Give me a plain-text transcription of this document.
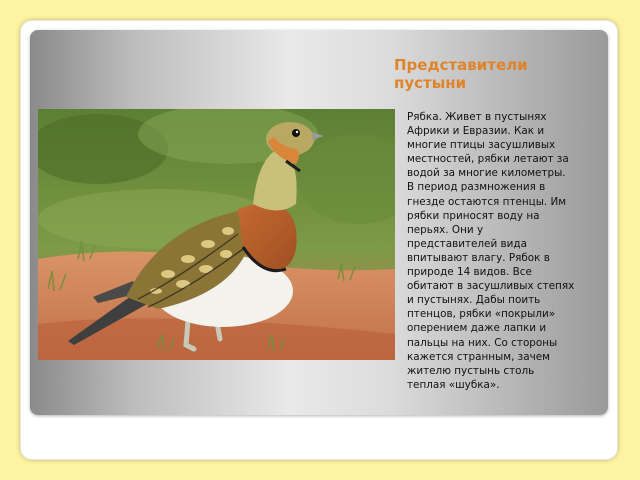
Представители
пустыни
Рябка. Живет в пустынях
Африки и Евразии. Как и
многие птицы засушливых
местностей, рябки летают за
водой за многие километры.
В период размножения в
гнезде остаются птенцы. Им
рябки приносят воду на
перьях. Они у
представителей вида
впитывают влагу. Рябок в
природе 14 видов. Все
обитают в засушливых степях
и пустынях. Дабы поить
птенцов, рябки «покрыли»
оперением даже лапки и
пальцы на них. Со стороны
кажется странным, зачем
жителю пустынь столь
теплая «шубка».
